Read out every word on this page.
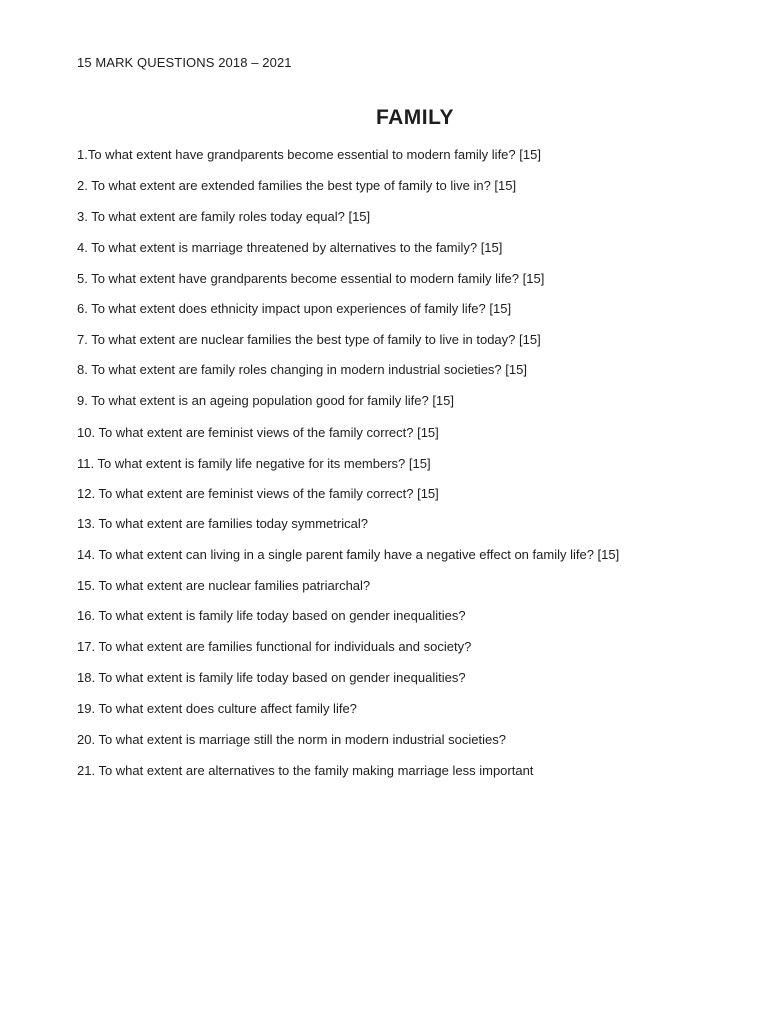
15 MARK QUESTIONS 2018 – 2021
FAMILY
1.To what extent have grandparents become essential to modern family life? [15]
2. To what extent are extended families the best type of family to live in? [15]
3. To what extent are family roles today equal? [15]
4. To what extent is marriage threatened by alternatives to the family? [15]
5. To what extent have grandparents become essential to modern family life? [15]
6. To what extent does ethnicity impact upon experiences of family life? [15]
7. To what extent are nuclear families the best type of family to live in today? [15]
8. To what extent are family roles changing in modern industrial societies? [15]
9. To what extent is an ageing population good for family life? [15]
10. To what extent are feminist views of the family correct? [15]
11. To what extent is family life negative for its members? [15]
12. To what extent are feminist views of the family correct? [15]
13. To what extent are families today symmetrical?
14. To what extent can living in a single parent family have a negative effect on family life? [15]
15. To what extent are nuclear families patriarchal?
16. To what extent is family life today based on gender inequalities?
17. To what extent are families functional for individuals and society?
18. To what extent is family life today based on gender inequalities?
19. To what extent does culture affect family life?
20. To what extent is marriage still the norm in modern industrial societies?
21. To what extent are alternatives to the family making marriage less important
